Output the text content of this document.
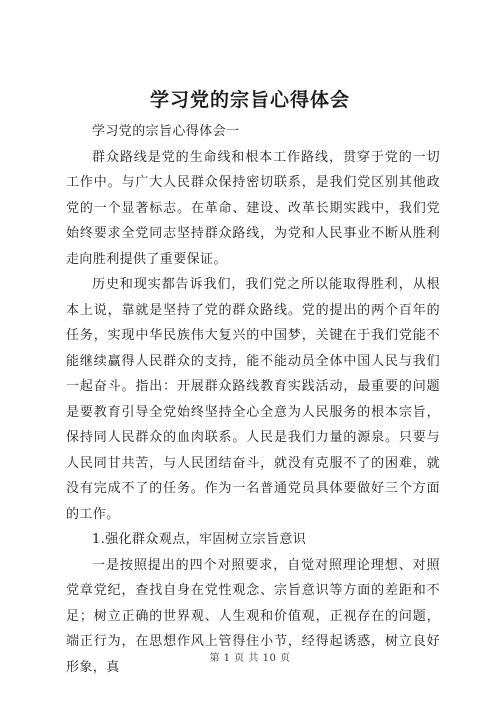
学习党的宗旨心得体会

学习党的宗旨心得体会一

群众路线是党的生命线和根本工作路线，贯穿于党的一切工作中。与广大人民群众保持密切联系，是我们党区别其他政党的一个显著标志。在革命、建设、改革长期实践中，我们党始终要求全党同志坚持群众路线，为党和人民事业不断从胜利走向胜利提供了重要保证。

历史和现实都告诉我们，我们党之所以能取得胜利，从根本上说，靠就是坚持了党的群众路线。党的提出的两个百年的任务，实现中华民族伟大复兴的中国梦，关键在于我们党能不能继续赢得人民群众的支持，能不能动员全体中国人民与我们一起奋斗。指出：开展群众路线教育实践活动，最重要的问题是要教育引导全党始终坚持全心全意为人民服务的根本宗旨，保持同人民群众的血肉联系。人民是我们力量的源泉。只要与人民同甘共苦，与人民团结奋斗，就没有克服不了的困难，就没有完成不了的任务。作为一名普通党员具体要做好三个方面的工作。

1.强化群众观点，牢固树立宗旨意识

一是按照提出的四个对照要求，自觉对照理论理想、对照党章党纪，查找自身在党性观念、宗旨意识等方面的差距和不足；树立正确的世界观、人生观和价值观，正视存在的问题，端正行为，在思想作风上管得住小节，经得起诱惑，树立良好形象，真

第 1 页 共 10 页
